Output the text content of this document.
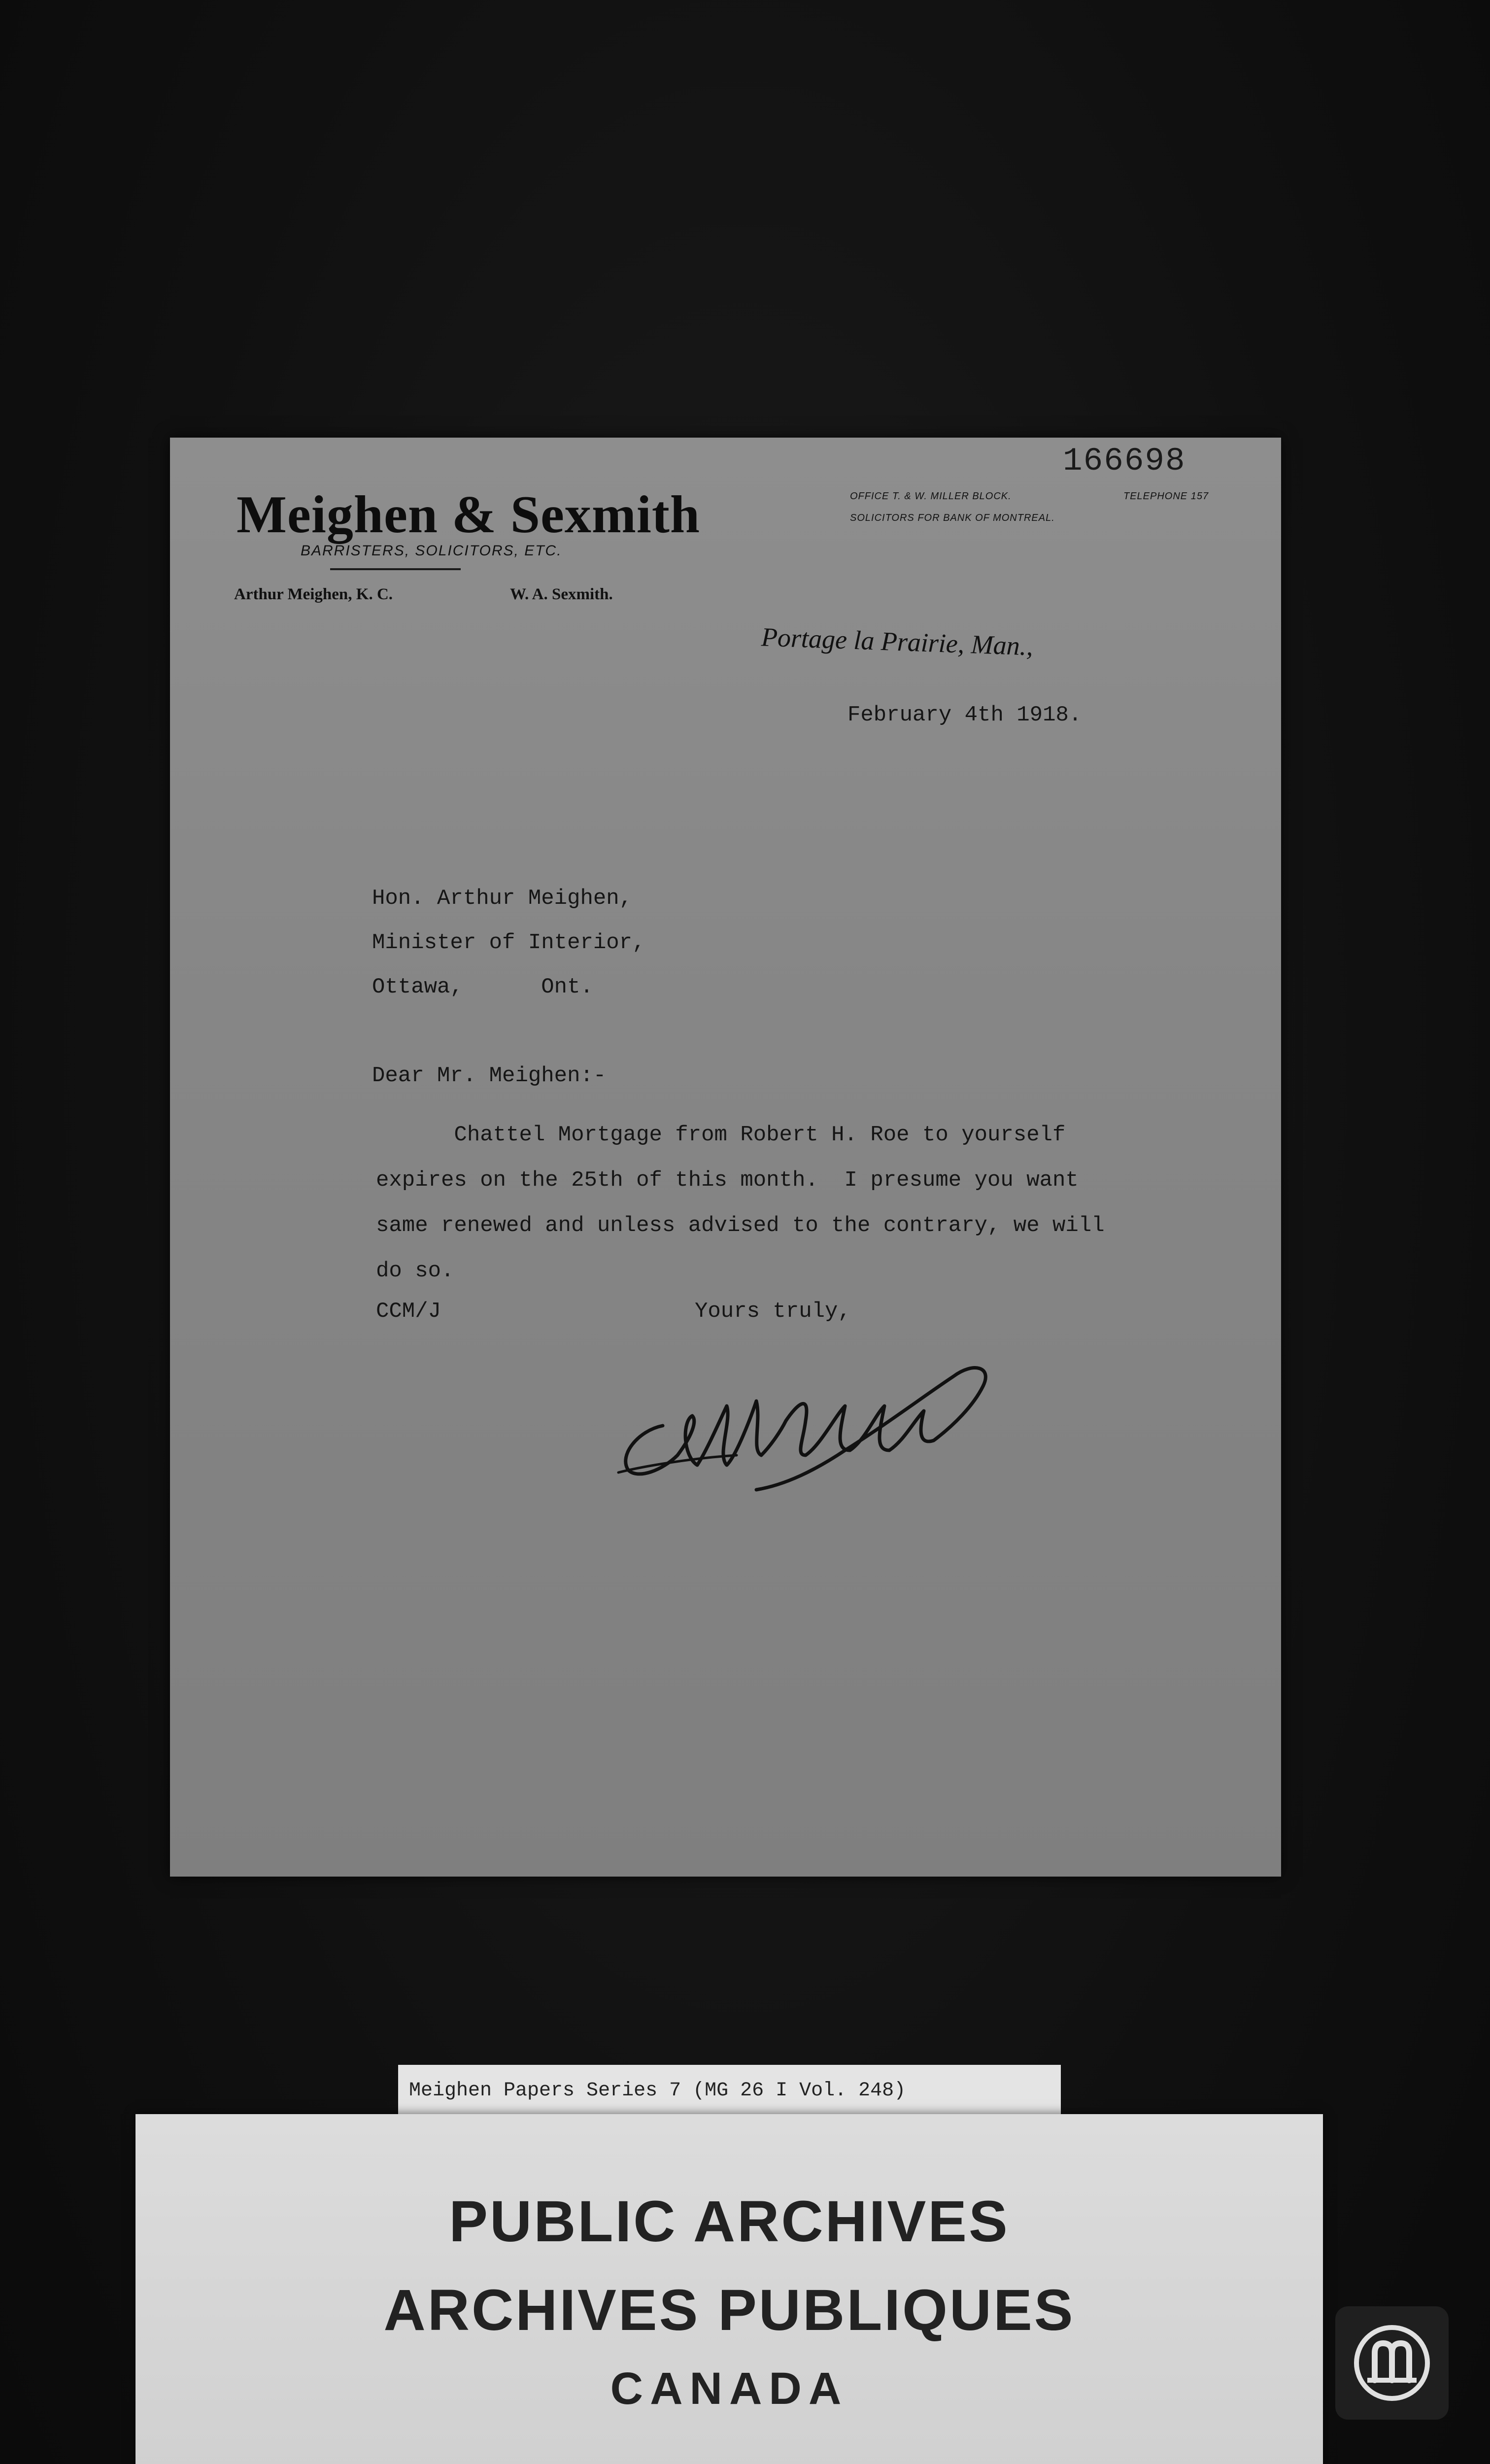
166698
Meighen & Sexmith
BARRISTERS, SOLICITORS, ETC.
Arthur Meighen, K. C.	W. A. Sexmith.
OFFICE T. & W. MILLER BLOCK.
SOLICITORS FOR BANK OF MONTREAL.
TELEPHONE 157
Portage la Prairie, Man.,
February 4th 1918.
Hon. Arthur Meighen,
Minister of Interior,
Ottawa,      Ont.
Dear Mr. Meighen:-
Chattel Mortgage from Robert H. Roe to yourself
expires on the 25th of this month.  I presume you want
same renewed and unless advised to the contrary, we will
do so.
CCM/J	Yours truly,
Meighen Papers Series 7 (MG 26 I Vol. 248)
PUBLIC ARCHIVES
ARCHIVES PUBLIQUES
CANADA
